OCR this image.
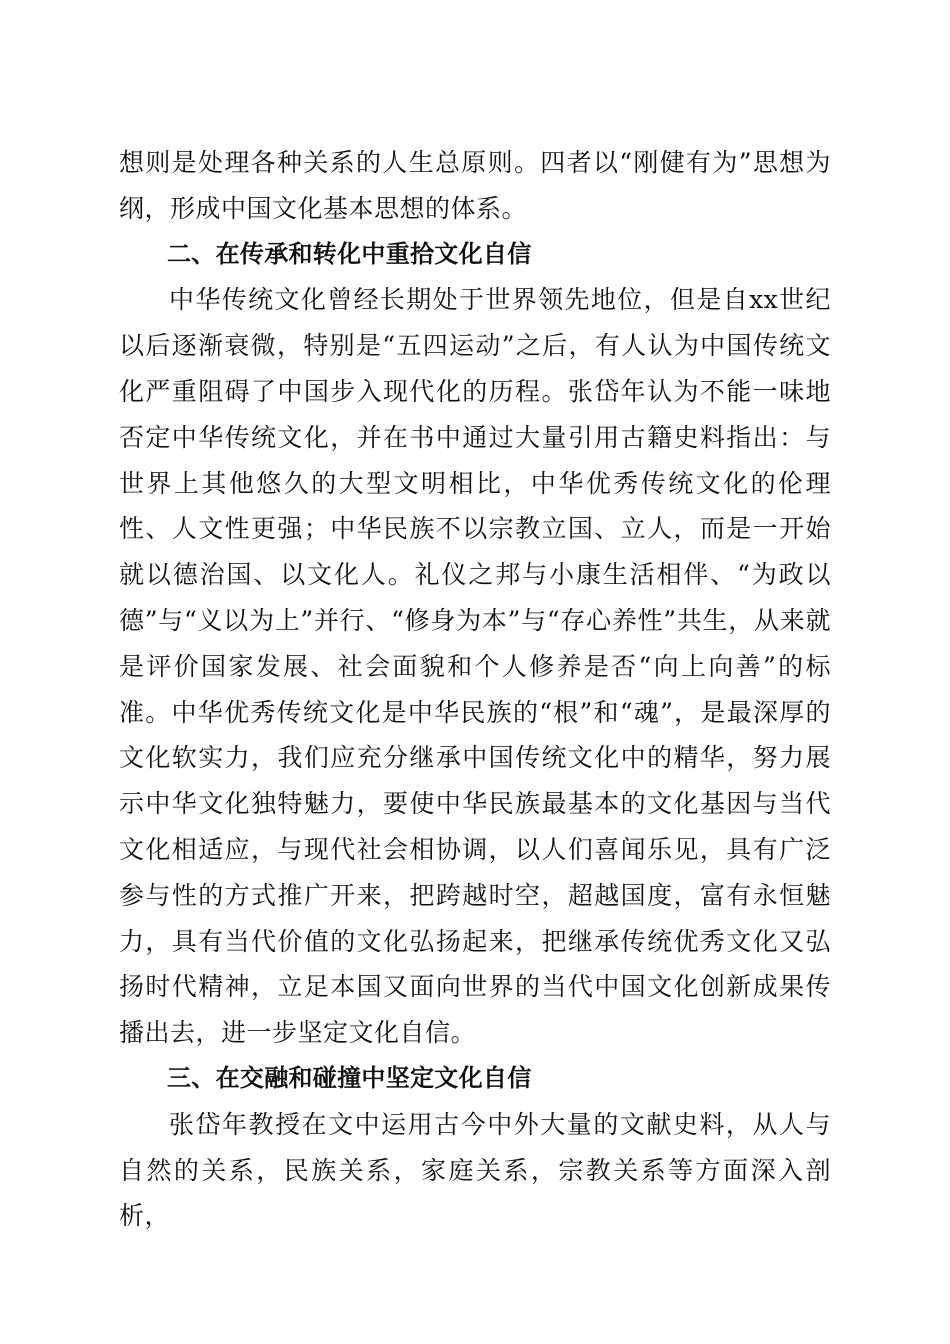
想则是处理各种关系的人生总原则。四者以“刚健有为”思想为纲，形成中国文化基本思想的体系。

二、在传承和转化中重拾文化自信

中华传统文化曾经长期处于世界领先地位，但是自xx世纪以后逐渐衰微，特别是“五四运动”之后，有人认为中国传统文化严重阻碍了中国步入现代化的历程。张岱年认为不能一味地否定中华传统文化，并在书中通过大量引用古籍史料指出：与世界上其他悠久的大型文明相比，中华优秀传统文化的伦理性、人文性更强；中华民族不以宗教立国、立人，而是一开始就以德治国、以文化人。礼仪之邦与小康生活相伴、“为政以德”与“义以为上”并行、“修身为本”与“存心养性”共生，从来就是评价国家发展、社会面貌和个人修养是否“向上向善”的标准。中华优秀传统文化是中华民族的“根”和“魂”，是最深厚的文化软实力，我们应充分继承中国传统文化中的精华，努力展示中华文化独特魅力，要使中华民族最基本的文化基因与当代文化相适应，与现代社会相协调，以人们喜闻乐见，具有广泛参与性的方式推广开来，把跨越时空，超越国度，富有永恒魅力，具有当代价值的文化弘扬起来，把继承传统优秀文化又弘扬时代精神，立足本国又面向世界的当代中国文化创新成果传播出去，进一步坚定文化自信。

三、在交融和碰撞中坚定文化自信

张岱年教授在文中运用古今中外大量的文献史料，从人与自然的关系，民族关系，家庭关系，宗教关系等方面深入剖析，
